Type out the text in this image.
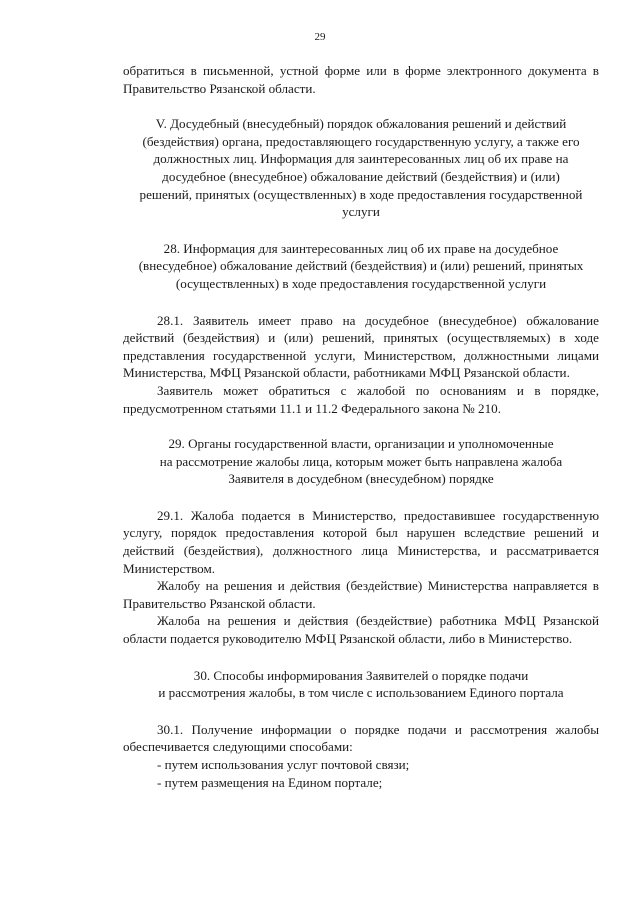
29

обратиться в письменной, устной форме или в форме электронного документа в Правительство Рязанской области.

V. Досудебный (внесудебный) порядок обжалования решений и действий

(бездействия) органа, предоставляющего государственную услугу, а также его

должностных лиц. Информация для заинтересованных лиц об их праве на

досудебное (внесудебное) обжалование действий (бездействия) и (или)

решений, принятых (осуществленных) в ходе предоставления государственной

услуги

28. Информация для заинтересованных лиц об их праве на досудебное

(внесудебное) обжалование действий (бездействия) и (или) решений, принятых

(осуществленных) в ходе предоставления государственной услуги

28.1. Заявитель имеет право на досудебное (внесудебное) обжалование действий (бездействия) и (или) решений, принятых (осуществляемых) в ходе представления государственной услуги, Министерством, должностными лицами Министерства, МФЦ Рязанской области, работниками МФЦ Рязанской области.

Заявитель может обратиться с жалобой по основаниям и в порядке, предусмотренном статьями 11.1 и 11.2 Федерального закона № 210.

29. Органы государственной власти, организации и уполномоченные

на рассмотрение жалобы лица, которым может быть направлена жалоба

Заявителя в досудебном (внесудебном) порядке

29.1. Жалоба подается в Министерство, предоставившее государственную услугу, порядок предоставления которой был нарушен вследствие решений и действий (бездействия), должностного лица Министерства, и рассматривается Министерством.

Жалобу на решения и действия (бездействие) Министерства направляется в Правительство Рязанской области.

Жалоба на решения и действия (бездействие) работника МФЦ Рязанской области подается руководителю МФЦ Рязанской области, либо в Министерство.

30. Способы информирования Заявителей о порядке подачи

и рассмотрения жалобы, в том числе с использованием Единого портала

30.1. Получение информации о порядке подачи и рассмотрения жалобы обеспечивается следующими способами:

- путем использования услуг почтовой связи;

- путем размещения на Едином портале;
